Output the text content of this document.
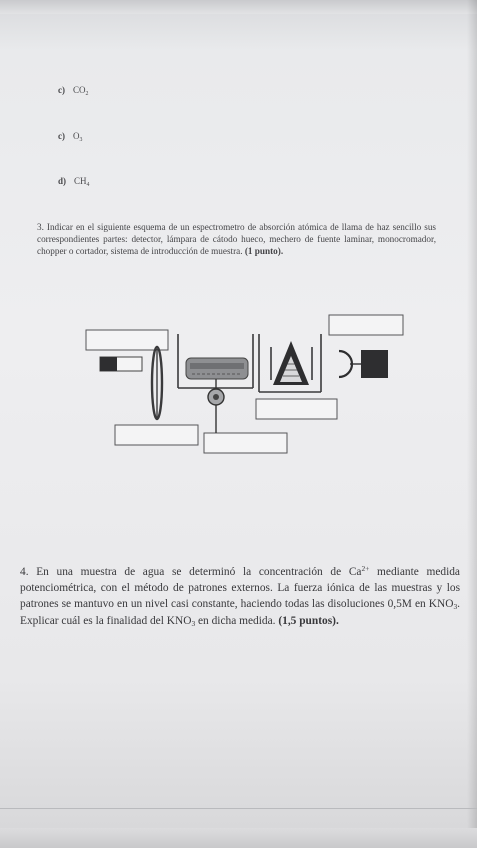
c) $CO_2$
c) $O_3$
d) $CH_4$
3. Indicar en el siguiente esquema de un espectrometro de absorción atómica de llama de haz sencillo sus correspondientes partes: detector, lámpara de cátodo hueco, mechero de fuente laminar, monocromador, chopper o cortador, sistema de introducción de muestra. (1 punto).
4. En una muestra de agua se determinó la concentración de $Ca^{2+}$ mediante medida potenciométrica, con el método de patrones externos. La fuerza iónica de las muestras y los patrones se mantuvo en un nivel casi constante, haciendo todas las disoluciones 0,5M en $KNO_3$. Explicar cuál es la finalidad del $KNO_3$ en dicha medida. (1,5 puntos).
